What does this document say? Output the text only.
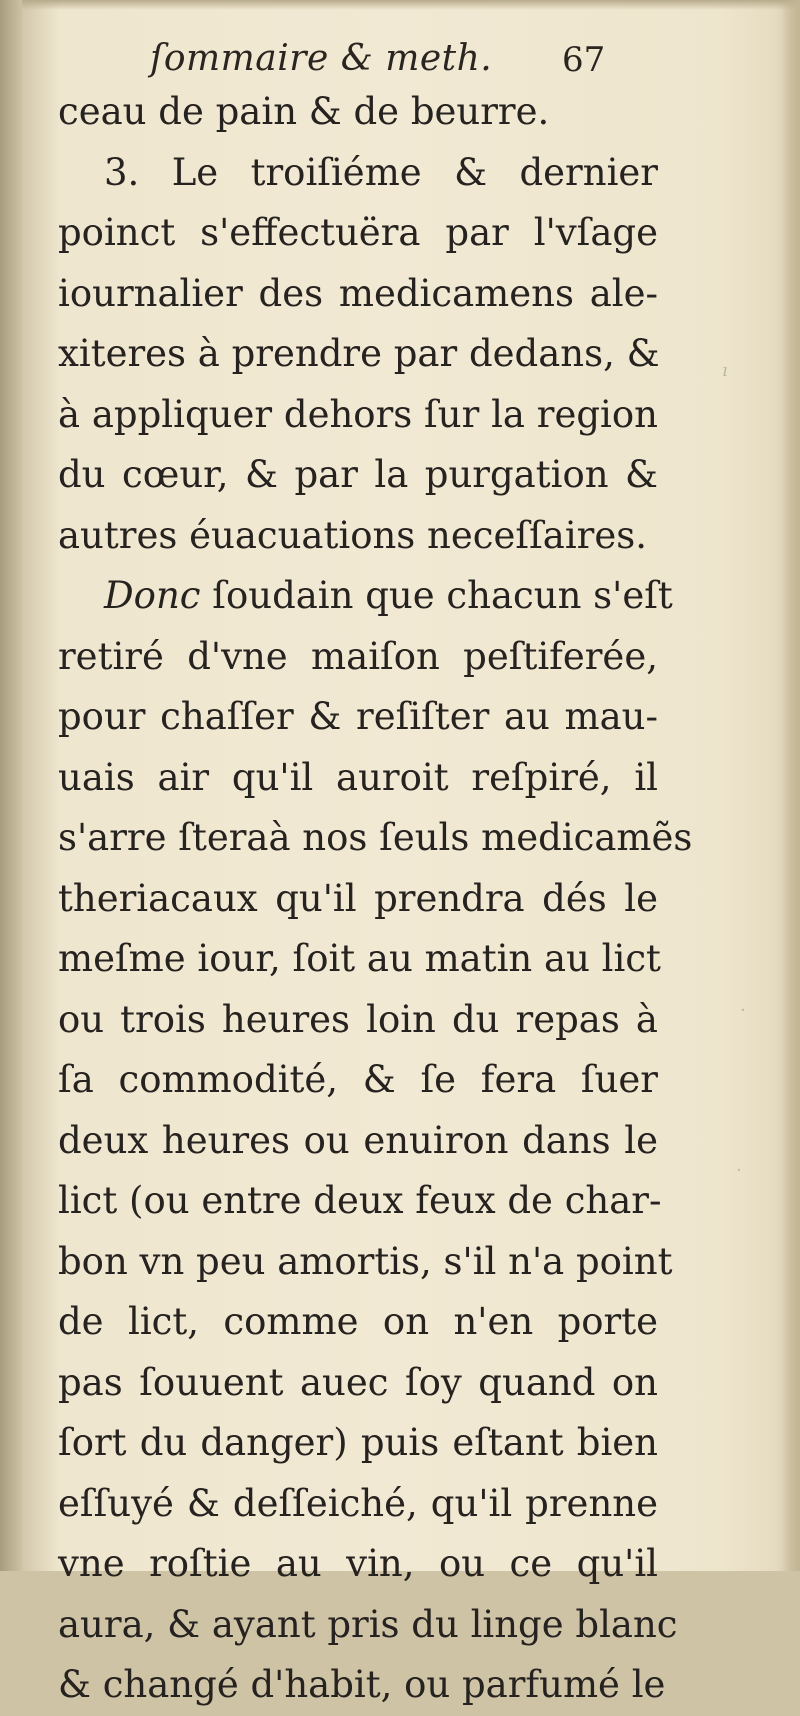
ı
·
·
ſommaire & meth. 67
ceau de pain & de beurre.
3. Le troiſiéme & dernier
poinct s'effectuëra par l'vſage
iournalier des medicamens ale-
xiteres à prendre par dedans, &
à appliquer dehors ſur la region
du cœur, & par la purgation &
autres éuacuations neceſſaires.
Donc ſoudain que chacun s'eſt
retiré d'vne maiſon peſtiferée,
pour chaſſer & reſiſter au mau-
uais air qu'il auroit reſpiré, il
s'arre ſteraà nos ſeuls medicamẽs
theriacaux qu'il prendra dés le
meſme iour, ſoit au matin au lict
ou trois heures loin du repas à
ſa commodité, & ſe fera ſuer
deux heures ou enuiron dans le
lict (ou entre deux feux de char-
bon vn peu amortis, s'il n'a point
de lict, comme on n'en porte
pas ſouuent auec ſoy quand on
ſort du danger) puis eſtant bien
eſſuyé & deſſeiché, qu'il prenne
vne roſtie au vin, ou ce qu'il
aura, & ayant pris du linge blanc
& changé d'habit, ou parfumé le
